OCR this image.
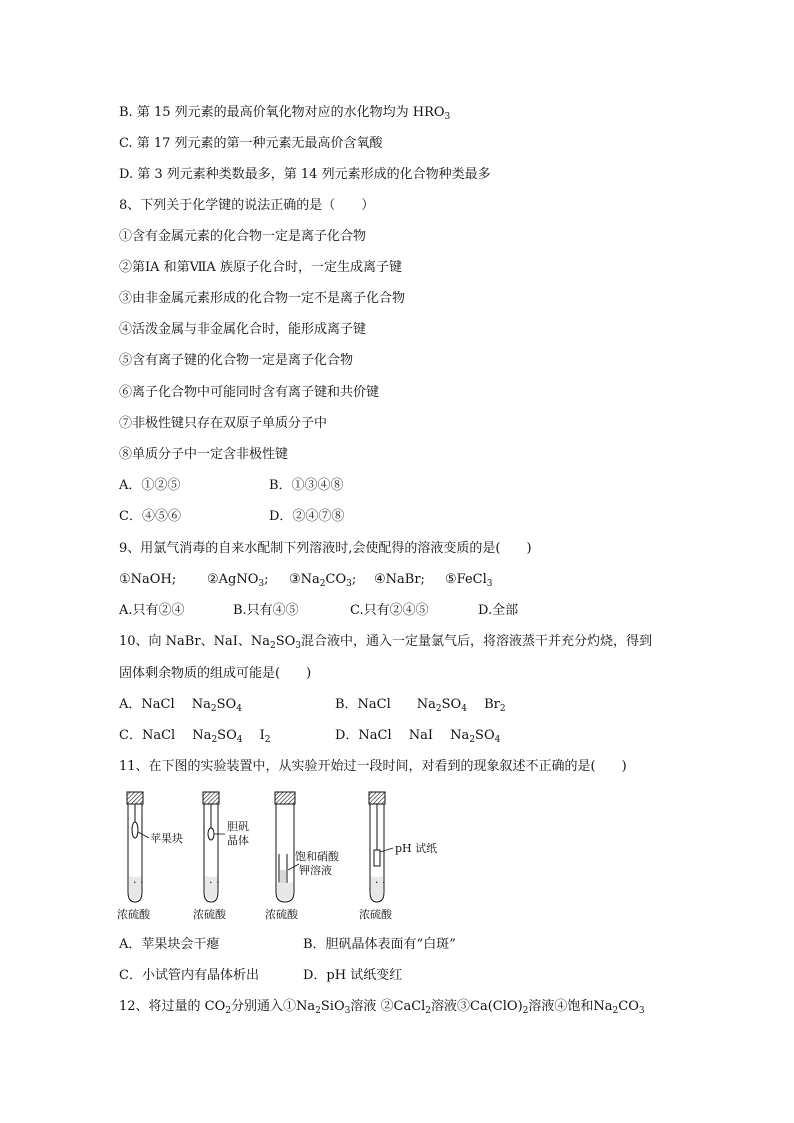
B. 第 15 列元素的最高价氧化物对应的水化物均为 $HRO_3$
C. 第 17 列元素的第一种元素无最高价含氧酸
D. 第 3 列元素种类数最多，第 14 列元素形成的化合物种类最多
8、下列关于化学键的说法正确的是（　　）
①含有金属元素的化合物一定是离子化合物
②第ⅠA 和第ⅦA 族原子化合时，一定生成离子键
③由非金属元素形成的化合物一定不是离子化合物
④活泼金属与非金属化合时，能形成离子键
⑤含有离子键的化合物一定是离子化合物
⑥离子化合物中可能同时含有离子键和共价键
⑦非极性键只存在双原子单质分子中
⑧单质分子中一定含非极性键
A．①②⑤	B．①③④⑧
C．④⑤⑥	D．②④⑦⑧
9、用氯气消毒的自来水配制下列溶液时,会使配得的溶液变质的是(　　)
①NaOH; ②AgNO$_3$; $③Na_2CO_3$; ④NaBr; ⑤FeCl$_3$
A.只有②④	B.只有④⑤	C.只有②④⑤	D.全部
10、向 NaBr、NaI、$Na_2SO_3$混合液中，通入一定量氯气后，将溶液蒸干并充分灼烧，得到
固体剩余物质的组成可能是(　　)
A．NaCl　 $Na_2SO_4$	B．NaCl　　$Na_2SO_4$　 $Br_2$
C．NaCl　 $Na_2SO_4$　 $I_2$	D．NaCl　 NaI　 $Na_2SO_4$
11、在下图的实验装置中，从实验开始过一段时间，对看到的现象叙述不正确的是(　　)
· ·
苹果块
浓硫酸
· ·
胆矾
晶体
浓硫酸
饱和硝酸
钾溶液
浓硫酸
· ·
pH 试纸
浓硫酸
A．苹果块会干瘪	B．胆矾晶体表面有“白斑”
C．小试管内有晶体析出	D．pH 试纸变红
12、将过量的 $CO_2$分别通入$①Na_2SiO_3$溶液 ②CaCl$_2$溶液$③Ca(ClO)_2$溶液④饱和$Na_2CO_3$
